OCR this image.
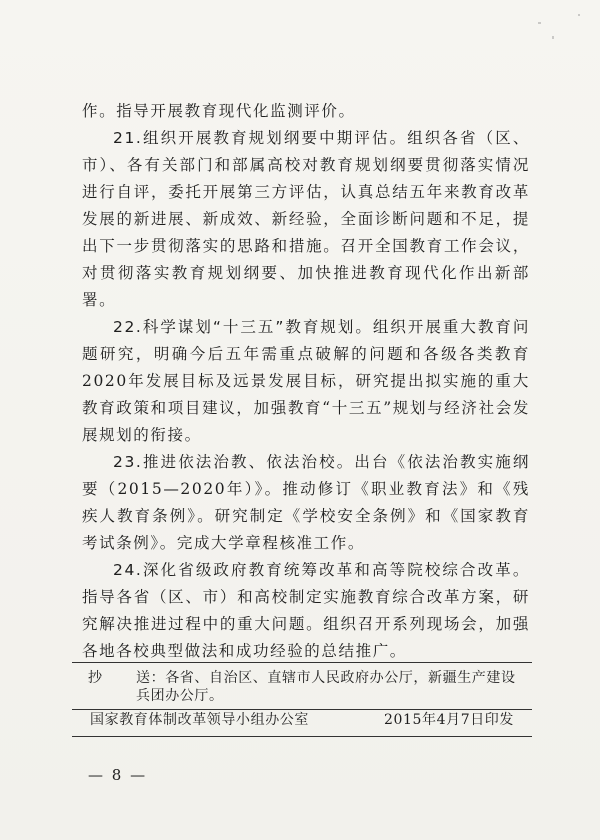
作。指导开展教育现代化监测评价。

21.组织开展教育规划纲要中期评估。组织各省（区、市）、各有关部门和部属高校对教育规划纲要贯彻落实情况进行自评，委托开展第三方评估，认真总结五年来教育改革发展的新进展、新成效、新经验，全面诊断问题和不足，提出下一步贯彻落实的思路和措施。召开全国教育工作会议，对贯彻落实教育规划纲要、加快推进教育现代化作出新部署。

22.科学谋划“十三五”教育规划。组织开展重大教育问题研究，明确今后五年需重点破解的问题和各级各类教育2020年发展目标及远景发展目标，研究提出拟实施的重大教育政策和项目建议，加强教育“十三五”规划与经济社会发展规划的衔接。

23.推进依法治教、依法治校。出台《依法治教实施纲要（2015—2020年）》。推动修订《职业教育法》和《残疾人教育条例》。研究制定《学校安全条例》和《国家教育考试条例》。完成大学章程核准工作。

24.深化省级政府教育统筹改革和高等院校综合改革。指导各省（区、市）和高校制定实施教育综合改革方案，研究解决推进过程中的重大问题。组织召开系列现场会，加强各地各校典型做法和成功经验的总结推广。

抄 送：各省、自治区、直辖市人民政府办公厅，新疆生产建设兵团办公厅。
国家教育体制改革领导小组办公室	2015年4月7日印发
— 8 —
